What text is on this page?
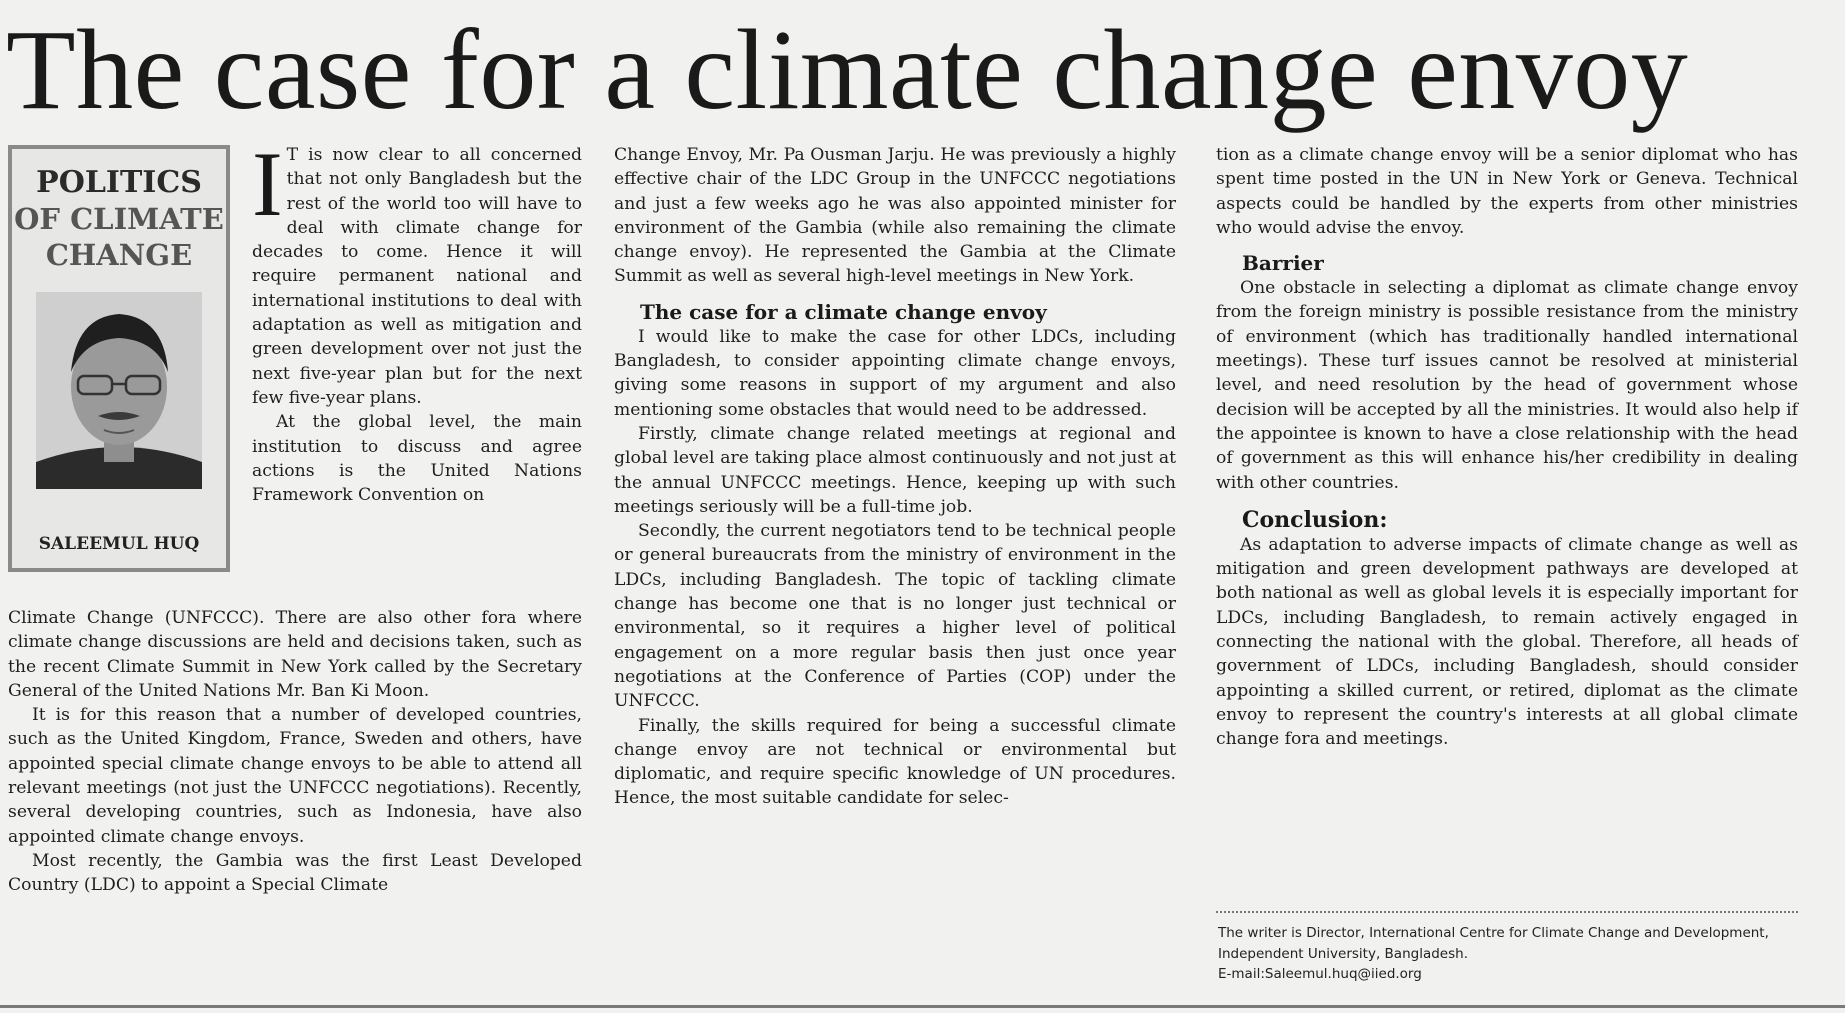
The case for a climate change envoy
POLITICS
OF CLIMATE
CHANGE
SALEEMUL HUQ
I T is now clear to all concerned that not only Bangladesh but the rest of the world too will have to deal with climate change for decades to come. Hence it will require permanent national and international institutions to deal with adaptation as well as mitigation and green development over not just the next five-year plan but for the next few five-year plans.

At the global level, the main institution to discuss and agree actions is the United Nations Framework Convention on

Climate Change (UNFCCC). There are also other fora where climate change discussions are held and decisions taken, such as the recent Climate Summit in New York called by the Secretary General of the United Nations Mr. Ban Ki Moon.

It is for this reason that a number of developed countries, such as the United Kingdom, France, Sweden and others, have appointed special climate change envoys to be able to attend all relevant meetings (not just the UNFCCC negotiations). Recently, several developing countries, such as Indonesia, have also appointed climate change envoys.

Most recently, the Gambia was the first Least Developed Country (LDC) to appoint a Special Climate

Change Envoy, Mr. Pa Ousman Jarju. He was previously a highly effective chair of the LDC Group in the UNFCCC negotiations and just a few weeks ago he was also appointed minister for environment of the Gambia (while also remaining the climate change envoy). He represented the Gambia at the Climate Summit as well as several high-level meetings in New York.

The case for a climate change envoy

I would like to make the case for other LDCs, including Bangladesh, to consider appointing climate change envoys, giving some reasons in support of my argument and also mentioning some obstacles that would need to be addressed.

Firstly, climate change related meetings at regional and global level are taking place almost continuously and not just at the annual UNFCCC meetings. Hence, keeping up with such meetings seriously will be a full-time job.

Secondly, the current negotiators tend to be technical people or general bureaucrats from the ministry of environment in the LDCs, including Bangladesh. The topic of tackling climate change has become one that is no longer just technical or environmental, so it requires a higher level of political engagement on a more regular basis then just once year negotiations at the Conference of Parties (COP) under the UNFCCC.

Finally, the skills required for being a successful climate change envoy are not technical or environmental but diplomatic, and require specific knowledge of UN procedures. Hence, the most suitable candidate for selec-

tion as a climate change envoy will be a senior diplomat who has spent time posted in the UN in New York or Geneva. Technical aspects could be handled by the experts from other ministries who would advise the envoy.

Barrier

One obstacle in selecting a diplomat as climate change envoy from the foreign ministry is possible resistance from the ministry of environment (which has traditionally handled international meetings). These turf issues cannot be resolved at ministerial level, and need resolution by the head of government whose decision will be accepted by all the ministries. It would also help if the appointee is known to have a close relationship with the head of government as this will enhance his/her credibility in dealing with other countries.

Conclusion:

As adaptation to adverse impacts of climate change as well as mitigation and green development pathways are developed at both national as well as global levels it is especially important for LDCs, including Bangladesh, to remain actively engaged in connecting the national with the global. Therefore, all heads of government of LDCs, including Bangladesh, should consider appointing a skilled current, or retired, diplomat as the climate envoy to represent the country's interests at all global climate change fora and meetings.

The writer is Director, International Centre for Climate Change and Development, Independent University, Bangladesh.

E-mail:Saleemul.huq@iied.org
